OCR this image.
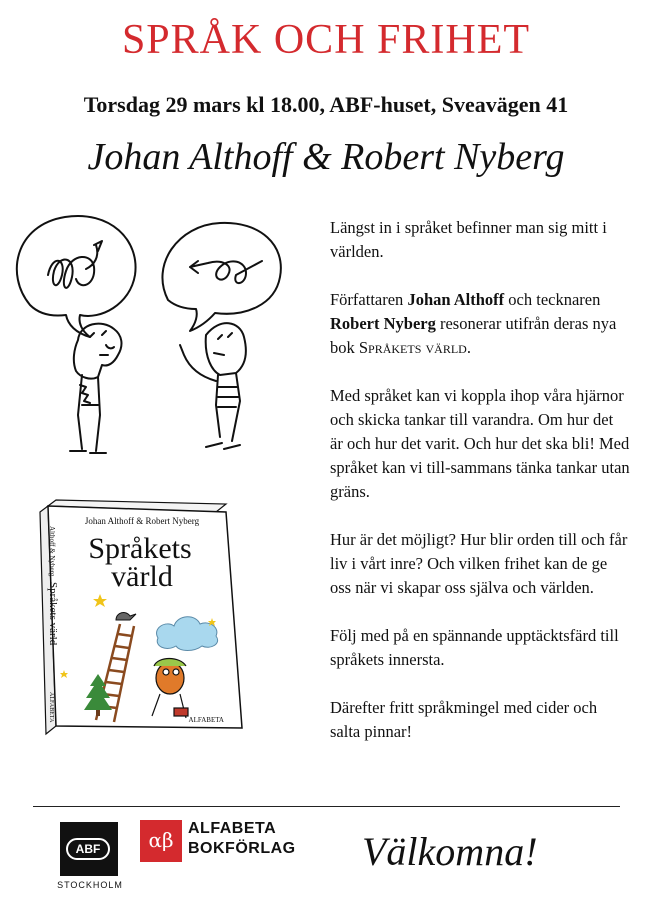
SPRÅK OCH FRIHET
Torsdag 29 mars kl 18.00, ABF-huset, Sveavägen 41
Johan Althoff & Robert Nyberg
Johan Althoff & Robert Nyberg
Språkets
värld
Althoff & Nyberg
Språkets värld
ALFABETA	ALFABETA

Längst in i språket befinner man sig mitt i världen.

Författaren Johan Althoff och tecknaren Robert Nyberg resonerar utifrån deras nya bok Språkets värld.

Med språket kan vi koppla ihop våra hjärnor och skicka tankar till varandra. Om hur det är och hur det varit. Och hur det ska bli! Med språket kan vi till-sammans tänka tankar utan gräns.

Hur är det möjligt? Hur blir orden till och får liv i vårt inre? Och vilken frihet kan de ge oss när vi skapar oss själva och världen.

Följ med på en spännande upptäcktsfärd till språkets innersta.

Därefter fritt språkmingel med cider och salta pinnar!

ABF
STOCKHOLM
αβ ALFABETA
BOKFÖRLAG Välkomna!
